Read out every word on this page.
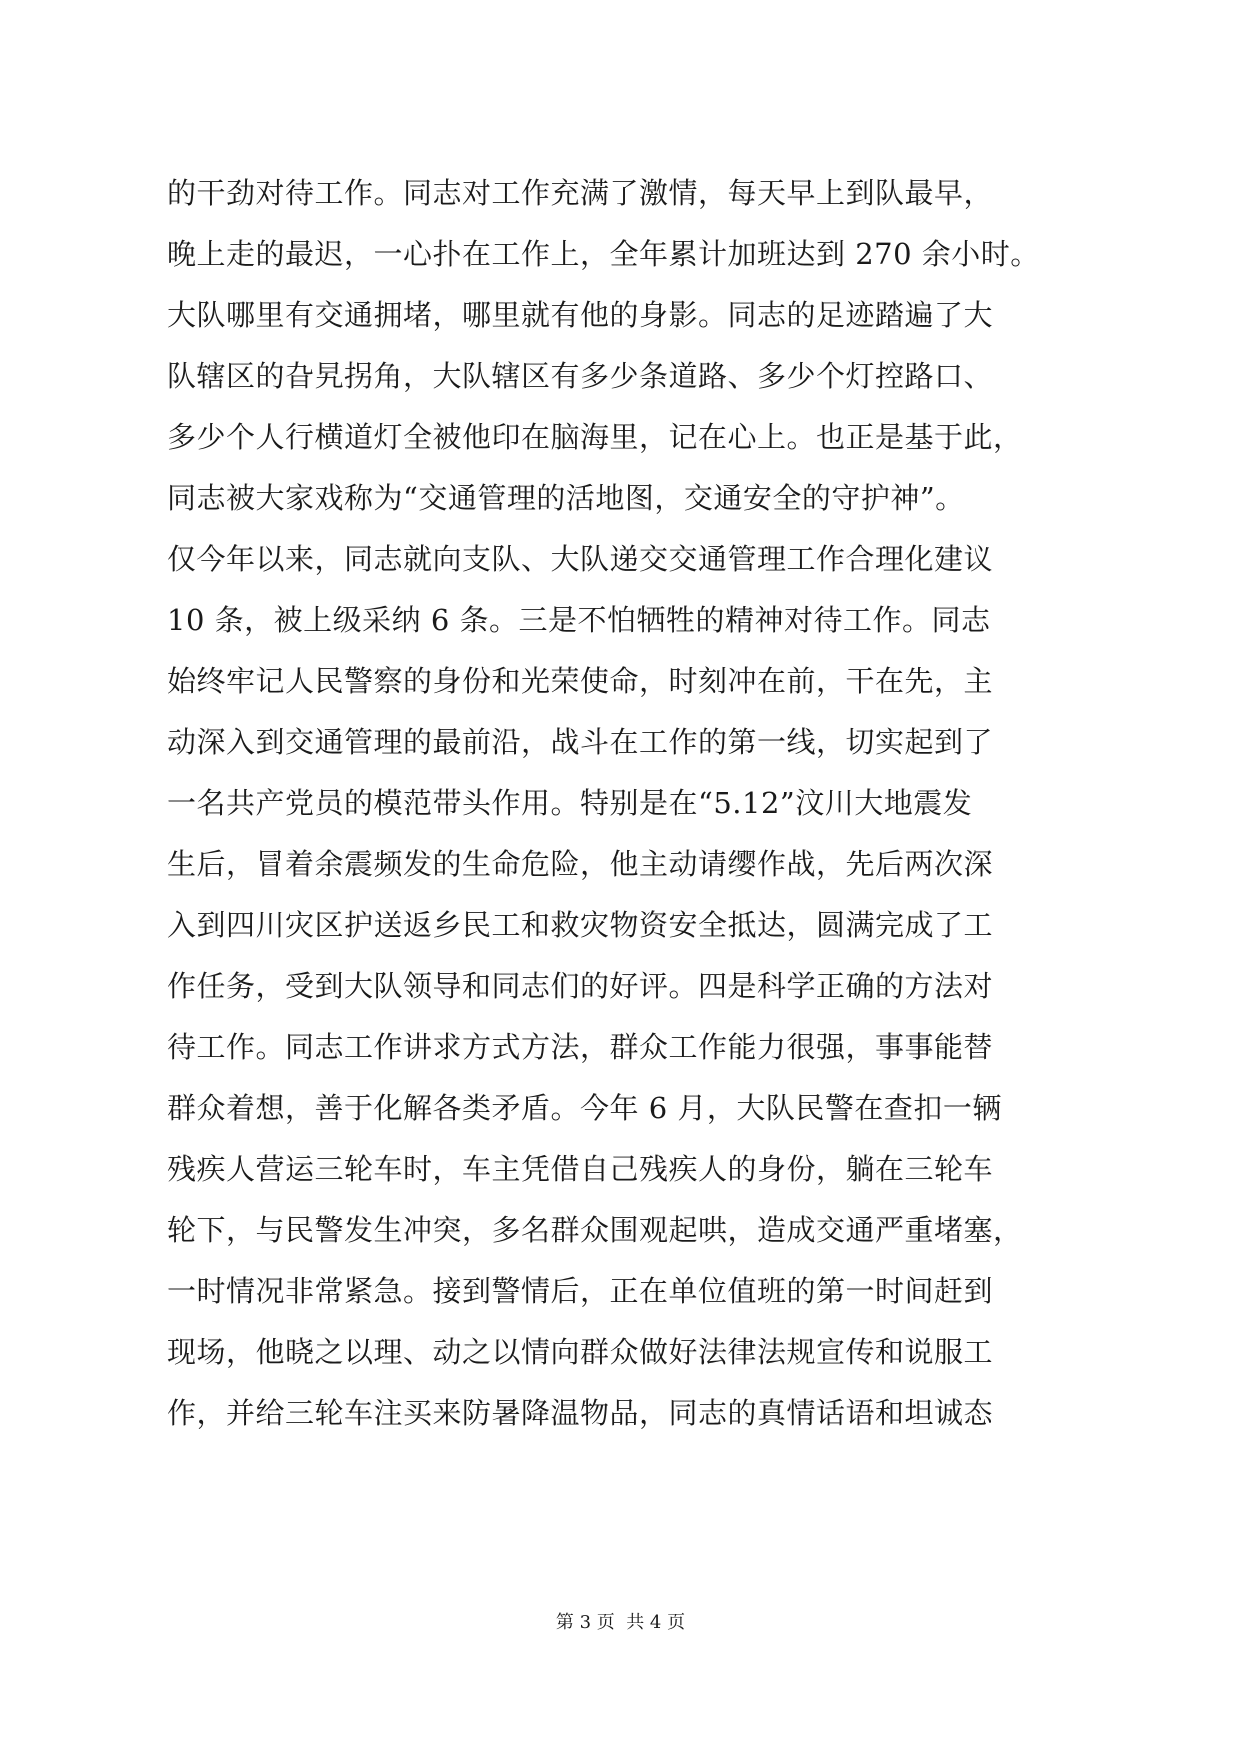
的干劲对待工作。同志对工作充满了激情，每天早上到队最早，
晚上走的最迟，一心扑在工作上，全年累计加班达到 270 余小时。
大队哪里有交通拥堵，哪里就有他的身影。同志的足迹踏遍了大
队辖区的旮旯拐角，大队辖区有多少条道路、多少个灯控路口、
多少个人行横道灯全被他印在脑海里，记在心上。也正是基于此，
同志被大家戏称为“交通管理的活地图，交通安全的守护神”。
仅今年以来，同志就向支队、大队递交交通管理工作合理化建议
10 条，被上级采纳 6 条。三是不怕牺牲的精神对待工作。同志
始终牢记人民警察的身份和光荣使命，时刻冲在前，干在先，主
动深入到交通管理的最前沿，战斗在工作的第一线，切实起到了
一名共产党员的模范带头作用。特别是在“5.12”汶川大地震发
生后，冒着余震频发的生命危险，他主动请缨作战，先后两次深
入到四川灾区护送返乡民工和救灾物资安全抵达，圆满完成了工
作任务，受到大队领导和同志们的好评。四是科学正确的方法对
待工作。同志工作讲求方式方法，群众工作能力很强，事事能替
群众着想，善于化解各类矛盾。今年 6 月，大队民警在查扣一辆
残疾人营运三轮车时，车主凭借自己残疾人的身份，躺在三轮车
轮下，与民警发生冲突，多名群众围观起哄，造成交通严重堵塞，
一时情况非常紧急。接到警情后，正在单位值班的第一时间赶到
现场，他晓之以理、动之以情向群众做好法律法规宣传和说服工
作，并给三轮车注买来防暑降温物品，同志的真情话语和坦诚态
第 3 页  共 4 页
